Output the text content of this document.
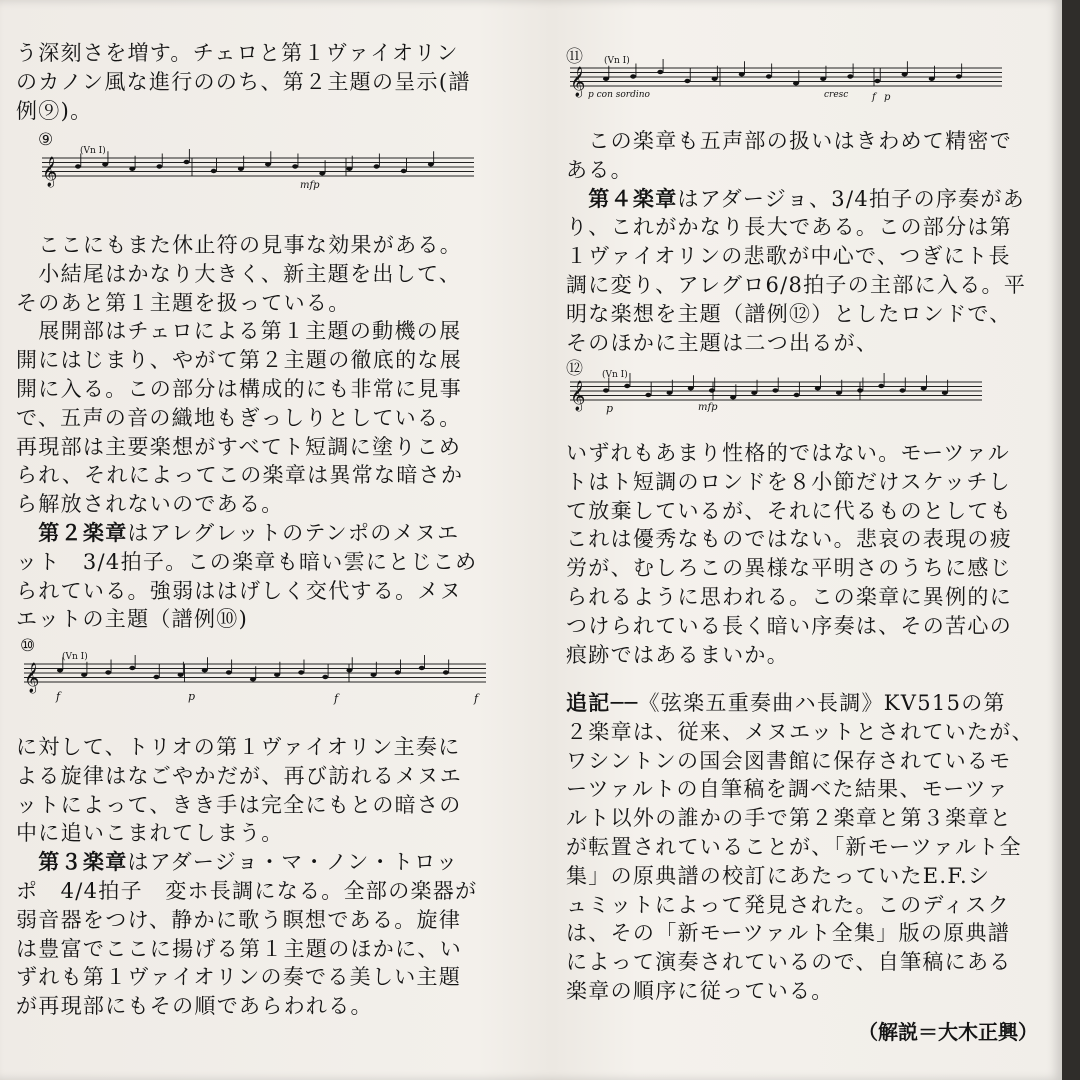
う深刻さを増す。チェロと第１ヴァイオリン
のカノン風な進行ののち、第２主題の呈示(譜
例⑨)。
⑨
𝄞
(Vn I)
mfp
　ここにもまた休止符の見事な効果がある。
　小結尾はかなり大きく、新主題を出して、
そのあと第１主題を扱っている。
　展開部はチェロによる第１主題の動機の展
開にはじまり、やがて第２主題の徹底的な展
開に入る。この部分は構成的にも非常に見事
で、五声の音の織地もぎっしりとしている。
再現部は主要楽想がすべてト短調に塗りこめ
られ、それによってこの楽章は異常な暗さか
ら解放されないのである。
　第２楽章はアレグレットのテンポのメヌエ
ット　3/4拍子。この楽章も暗い雲にとじこめ
られている。強弱ははげしく交代する。メヌ
エットの主題（譜例⑩)
⑩
𝄞
(Vn I)
f	p	f	f
に対して、トリオの第１ヴァイオリン主奏に
よる旋律はなごやかだが、再び訪れるメヌエ
ットによって、きき手は完全にもとの暗さの
中に追いこまれてしまう。
　第３楽章はアダージョ・マ・ノン・トロッ
ポ　4/4拍子　変ホ長調になる。全部の楽器が
弱音器をつけ、静かに歌う瞑想である。旋律
は豊富でここに揚げる第１主題のほかに、い
ずれも第１ヴァイオリンの奏でる美しい主題
が再現部にもその順であらわれる。
⑪
𝄞
(Vn I)
p con sordino	cresc f p
　この楽章も五声部の扱いはきわめて精密で
ある。
　第４楽章はアダージョ、3/4拍子の序奏があ
り、これがかなり長大である。この部分は第
１ヴァイオリンの悲歌が中心で、つぎにト長
調に変り、アレグロ6/8拍子の主部に入る。平
明な楽想を主題（譜例⑫）としたロンドで、
そのほかに主題は二つ出るが、
⑫
𝄞
(Vn I)
p	mfp
いずれもあまり性格的ではない。モーツァル
トはト短調のロンドを８小節だけスケッチし
て放棄しているが、それに代るものとしても
これは優秀なものではない。悲哀の表現の疲
労が、むしろこの異様な平明さのうちに感じ
られるように思われる。この楽章に異例的に
つけられている長く暗い序奏は、その苦心の
痕跡ではあるまいか。
追記──《弦楽五重奏曲ハ長調》KV515の第
２楽章は、従来、メヌエットとされていたが、
ワシントンの国会図書館に保存されているモ
ーツァルトの自筆稿を調べた結果、モーツァ
ルト以外の誰かの手で第２楽章と第３楽章と
が転置されていることが、「新モーツァルト全
集」の原典譜の校訂にあたっていたE.F.シ
ュミットによって発見された。このディスク
は、その「新モーツァルト全集」版の原典譜
によって演奏されているので、自筆稿にある
楽章の順序に従っている。
（解説＝大木正興）
